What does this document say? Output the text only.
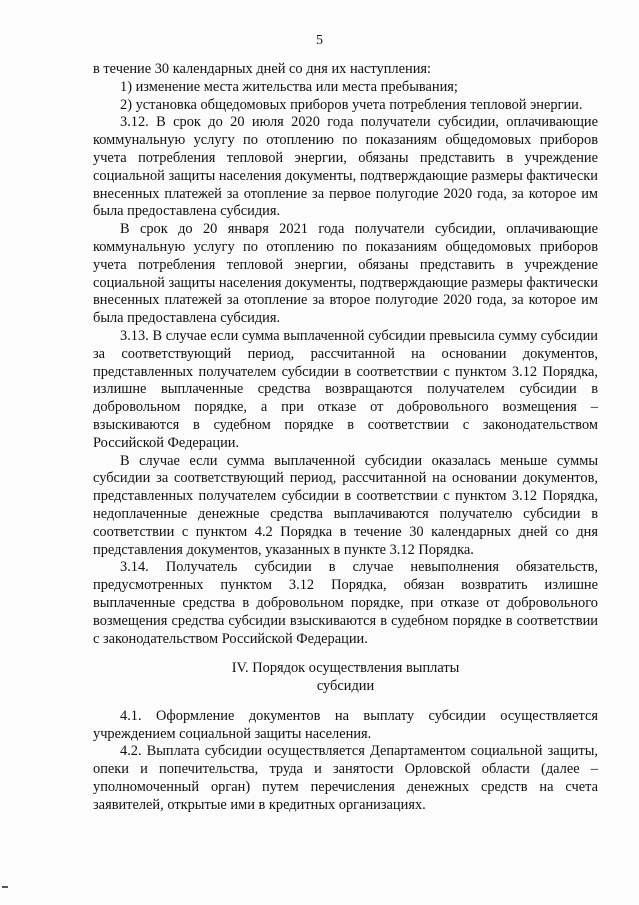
5

в течение 30 календарных дней со дня их наступления:

1) изменение места жительства или места пребывания;

2) установка общедомовых приборов учета потребления тепловой энергии.

3.12. В срок до 20 июля 2020 года получатели субсидии, оплачивающие коммунальную услугу по отоплению по показаниям общедомовых приборов учета потребления тепловой энергии, обязаны представить в учреждение социальной защиты населения документы, подтверждающие размеры фактически внесенных платежей за отопление за первое полугодие 2020 года, за которое им была предоставлена субсидия.

В срок до 20 января 2021 года получатели субсидии, оплачивающие коммунальную услугу по отоплению по показаниям общедомовых приборов учета потребления тепловой энергии, обязаны представить в учреждение социальной защиты населения документы, подтверждающие размеры фактически внесенных платежей за отопление за второе полугодие 2020 года, за которое им была предоставлена субсидия.

3.13. В случае если сумма выплаченной субсидии превысила сумму субсидии за соответствующий период, рассчитанной на основании документов, представленных получателем субсидии в соответствии с пунктом 3.12 Порядка, излишне выплаченные средства возвращаются получателем субсидии в добровольном порядке, а при отказе от добровольного возмещения – взыскиваются в судебном порядке в соответствии с законодательством Российской Федерации.

В случае если сумма выплаченной субсидии оказалась меньше суммы субсидии за соответствующий период, рассчитанной на основании документов, представленных получателем субсидии в соответствии с пунктом 3.12 Порядка, недоплаченные денежные средства выплачиваются получателю субсидии в соответствии с пунктом 4.2 Порядка в течение 30 календарных дней со дня представления документов, указанных в пункте 3.12 Порядка.

3.14. Получатель субсидии в случае невыполнения обязательств, предусмотренных пунктом 3.12 Порядка, обязан возвратить излишне выплаченные средства в добровольном порядке, при отказе от добровольного возмещения средства субсидии взыскиваются в судебном порядке в соответствии с законодательством Российской Федерации.

IV. Порядок осуществления выплаты
субсидии

4.1. Оформление документов на выплату субсидии осуществляется учреждением социальной защиты населения.

4.2. Выплата субсидии осуществляется Департаментом социальной защиты, опеки и попечительства, труда и занятости Орловской области (далее – уполномоченный орган) путем перечисления денежных средств на счета заявителей, открытые ими в кредитных организациях.
